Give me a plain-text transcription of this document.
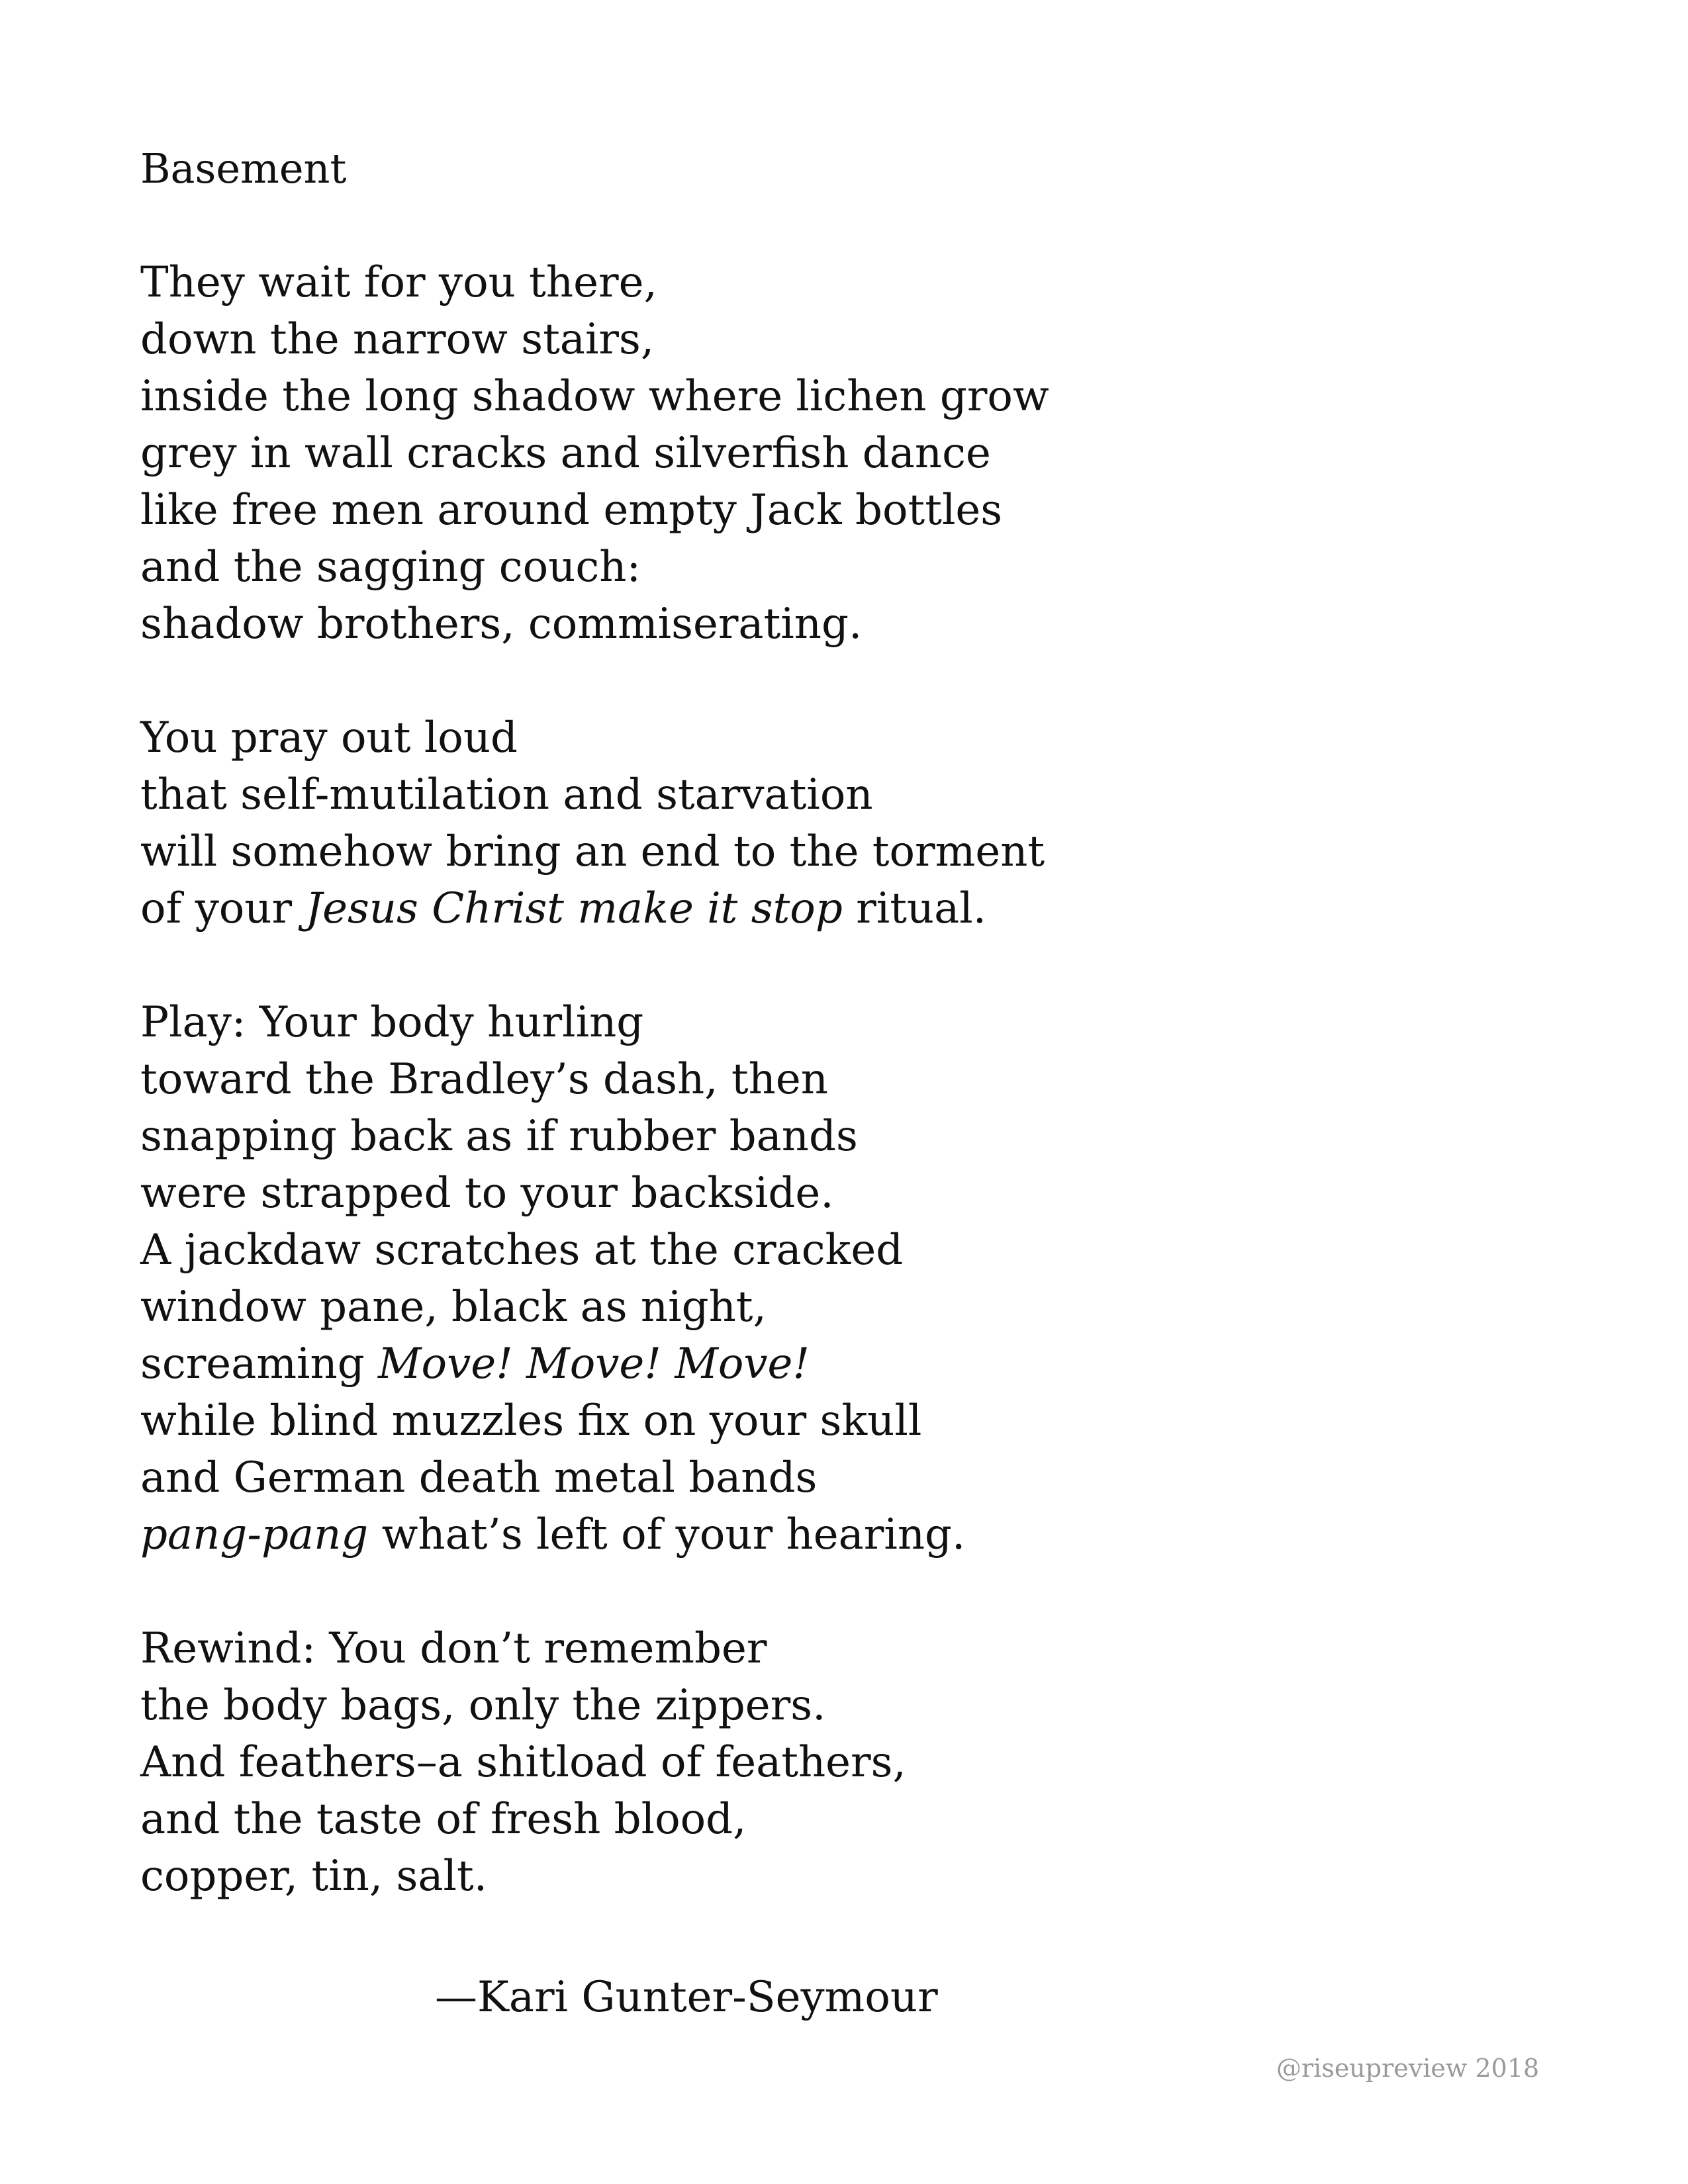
Basement
They wait for you there,
down the narrow stairs,
inside the long shadow where lichen grow
grey in wall cracks and silverfish dance
like free men around empty Jack bottles
and the sagging couch:
shadow brothers, commiserating.
You pray out loud
that self-mutilation and starvation
will somehow bring an end to the torment
of your Jesus Christ make it stop ritual.
Play: Your body hurling
toward the Bradley’s dash, then
snapping back as if rubber bands
were strapped to your backside.
A jackdaw scratches at the cracked
window pane, black as night,
screaming Move! Move! Move!
while blind muzzles fix on your skull
and German death metal bands
pang-pang what’s left of your hearing.
Rewind: You don’t remember
the body bags, only the zippers.
And feathers–a shitload of feathers,
and the taste of fresh blood,
copper, tin, salt.
—Kari Gunter-Seymour
@riseupreview 2018
